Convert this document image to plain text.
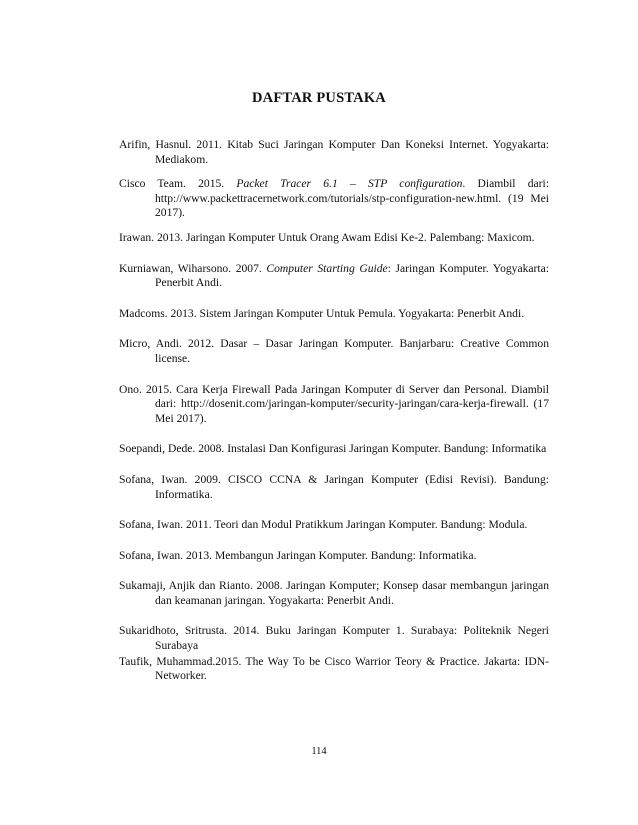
DAFTAR PUSTAKA
Arifin, Hasnul. 2011. Kitab Suci Jaringan Komputer Dan Koneksi Internet. Yogyakarta: Mediakom.
Cisco Team. 2015. Packet Tracer 6.1 – STP configuration. Diambil dari: http://www.packettracernetwork.com/tutorials/stp-configuration-new.html. (19 Mei 2017).
Irawan. 2013. Jaringan Komputer Untuk Orang Awam Edisi Ke-2. Palembang: Maxicom.
Kurniawan, Wiharsono. 2007. Computer Starting Guide: Jaringan Komputer. Yogyakarta: Penerbit Andi.
Madcoms. 2013. Sistem Jaringan Komputer Untuk Pemula. Yogyakarta: Penerbit Andi.
Micro, Andi. 2012. Dasar – Dasar Jaringan Komputer. Banjarbaru: Creative Common license.
Ono. 2015. Cara Kerja Firewall Pada Jaringan Komputer di Server dan Personal. Diambil dari: http://dosenit.com/jaringan-komputer/security-jaringan/cara-kerja-firewall. (17 Mei 2017).
Soepandi, Dede. 2008. Instalasi Dan Konfigurasi Jaringan Komputer. Bandung: Informatika
Sofana, Iwan. 2009. CISCO CCNA & Jaringan Komputer (Edisi Revisi). Bandung: Informatika.
Sofana, Iwan. 2011. Teori dan Modul Pratikkum Jaringan Komputer. Bandung: Modula.
Sofana, Iwan. 2013. Membangun Jaringan Komputer. Bandung: Informatika.
Sukamaji, Anjik dan Rianto. 2008. Jaringan Komputer; Konsep dasar membangun jaringan dan keamanan jaringan. Yogyakarta: Penerbit Andi.
Sukaridhoto, Sritrusta. 2014. Buku Jaringan Komputer 1. Surabaya: Politeknik Negeri Surabaya
Taufik, Muhammad.2015. The Way To be Cisco Warrior Teory & Practice. Jakarta: IDN-Networker.
114
